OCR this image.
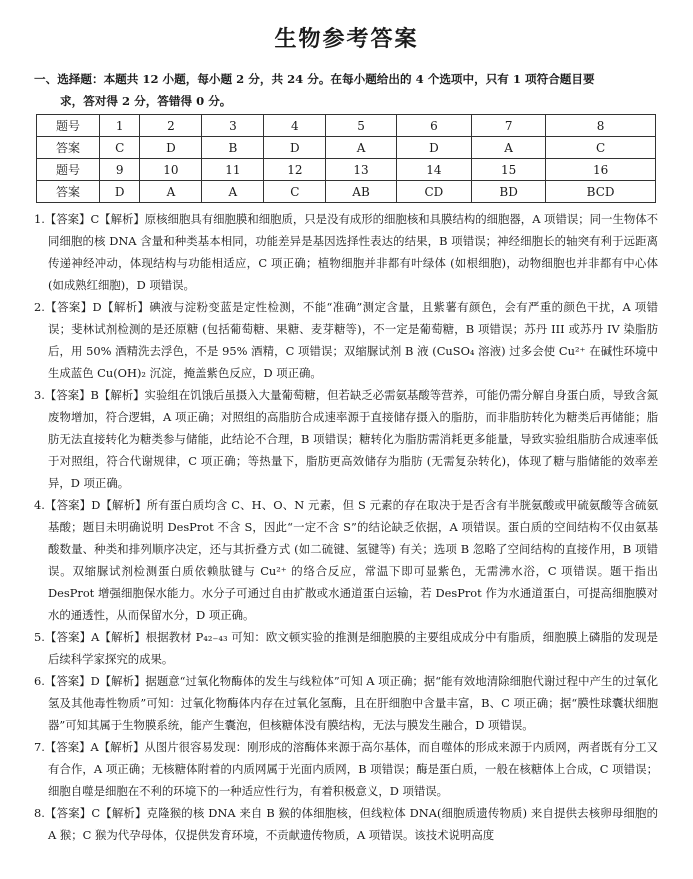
生物参考答案
一、选择题：本题共 12 小题，每小题 2 分，共 24 分。在每小题给出的 4 个选项中，只有 1 项符合题目要
求，答对得 2 分，答错得 0 分。
题号	1	2	3	4	5	6	7	8
答案	C	D	B	D	A	D	A	C
题号	9	10	11	12	13	14	15	16
答案	D	A	A	C	AB	CD	BD	BCD

1.【答案】C【解析】原核细胞具有细胞膜和细胞质，只是没有成形的细胞核和具膜结构的细胞器，A 项错误；同一生物体不同细胞的核 DNA 含量和种类基本相同，功能差异是基因选择性表达的结果，B 项错误；神经细胞长的轴突有利于远距离传递神经冲动，体现结构与功能相适应，C 项正确；植物细胞并非都有叶绿体 (如根细胞)，动物细胞也并非都有中心体 (如成熟红细胞)，D 项错误。

2.【答案】D【解析】碘液与淀粉变蓝是定性检测，不能“准确”测定含量，且紫薯有颜色，会有严重的颜色干扰，A 项错误；斐林试剂检测的是还原糖 (包括葡萄糖、果糖、麦芽糖等)，不一定是葡萄糖，B 项错误；苏丹 III 或苏丹 IV 染脂肪后，用 50% 酒精洗去浮色，不是 95% 酒精，C 项错误；双缩脲试剂 B 液 (CuSO₄ 溶液) 过多会使 Cu²⁺ 在碱性环境中生成蓝色 Cu(OH)₂ 沉淀，掩盖紫色反应，D 项正确。

3.【答案】B【解析】实验组在饥饿后虽摄入大量葡萄糖，但若缺乏必需氨基酸等营养，可能仍需分解自身蛋白质，导致含氮废物增加，符合逻辑，A 项正确；对照组的高脂肪合成速率源于直接储存摄入的脂肪，而非脂肪转化为糖类后再储能；脂肪无法直接转化为糖类参与储能，此结论不合理，B 项错误；糖转化为脂肪需消耗更多能量，导致实验组脂肪合成速率低于对照组，符合代谢规律，C 项正确；等热量下，脂肪更高效储存为脂肪 (无需复杂转化)，体现了糖与脂储能的效率差异，D 项正确。

4.【答案】D【解析】所有蛋白质均含 C、H、O、N 元素，但 S 元素的存在取决于是否含有半胱氨酸或甲硫氨酸等含硫氨基酸；题目未明确说明 DesProt 不含 S，因此“一定不含 S”的结论缺乏依据，A 项错误。蛋白质的空间结构不仅由氨基酸数量、种类和排列顺序决定，还与其折叠方式 (如二硫键、氢键等) 有关；选项 B 忽略了空间结构的直接作用，B 项错误。双缩脲试剂检测蛋白质依赖肽键与 Cu²⁺ 的络合反应，常温下即可显紫色，无需沸水浴，C 项错误。题干指出 DesProt 增强细胞保水能力。水分子可通过自由扩散或水通道蛋白运输，若 DesProt 作为水通道蛋白，可提高细胞膜对水的通透性，从而保留水分，D 项正确。

5.【答案】A【解析】根据教材 P₄₂₋₄₃ 可知：欧文顿实验的推测是细胞膜的主要组成成分中有脂质，细胞膜上磷脂的发现是后续科学家探究的成果。

6.【答案】D【解析】据题意“过氧化物酶体的发生与线粒体”可知 A 项正确；据“能有效地清除细胞代谢过程中产生的过氧化氢及其他毒性物质”可知：过氧化物酶体内存在过氧化氢酶，且在肝细胞中含量丰富，B、C 项正确；据“膜性球囊状细胞器”可知其属于生物膜系统，能产生囊泡，但核糖体没有膜结构，无法与膜发生融合，D 项错误。

7.【答案】A【解析】从图片很容易发现：刚形成的溶酶体来源于高尔基体，而自噬体的形成来源于内质网，两者既有分工又有合作，A 项正确；无核糖体附着的内质网属于光面内质网，B 项错误；酶是蛋白质，一般在核糖体上合成，C 项错误；细胞自噬是细胞在不利的环境下的一种适应性行为，有着积极意义，D 项错误。

8.【答案】C【解析】克隆猴的核 DNA 来自 B 猴的体细胞核，但线粒体 DNA(细胞质遗传物质) 来自提供去核卵母细胞的 A 猴；C 猴为代孕母体，仅提供发育环境，不贡献遗传物质，A 项错误。该技术说明高度
